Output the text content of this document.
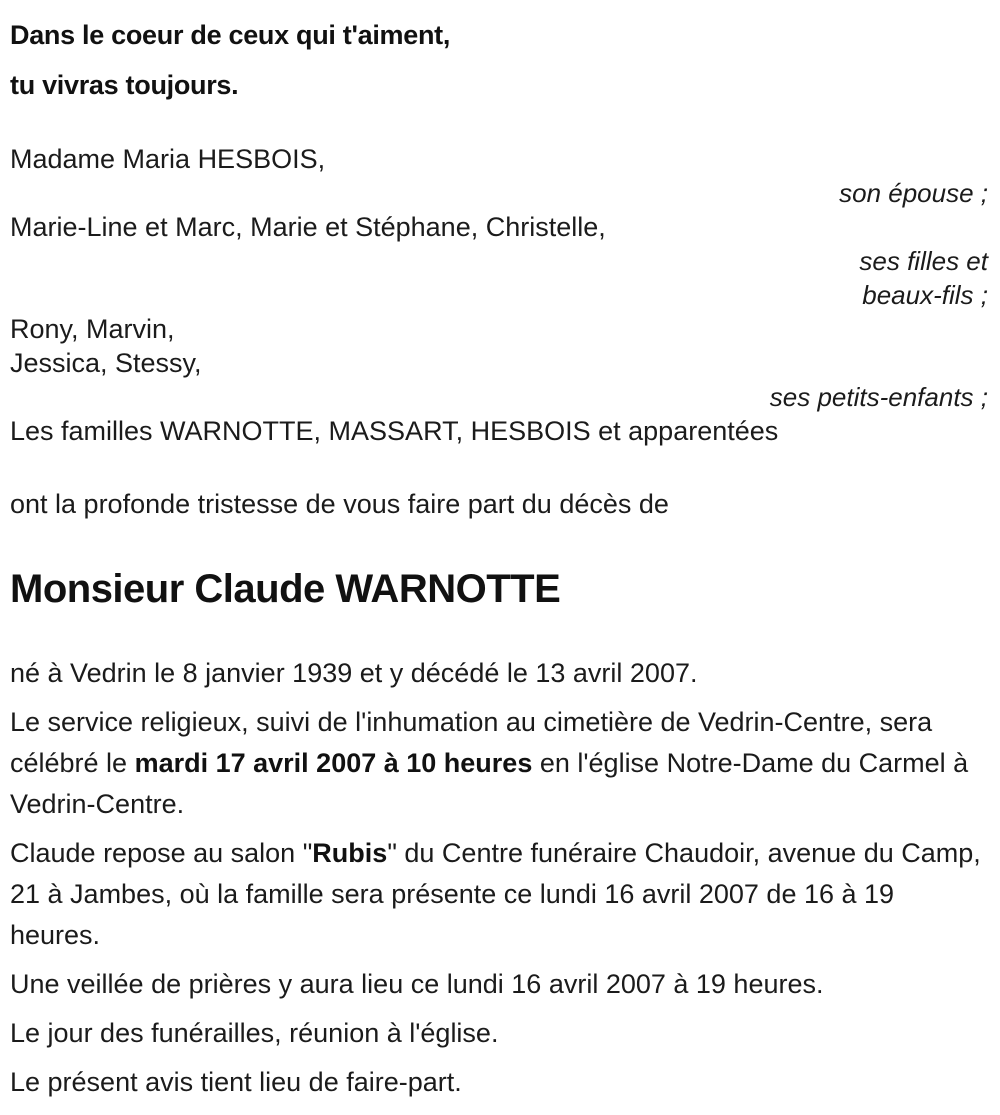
Dans le coeur de ceux qui t'aiment,
tu vivras toujours.
Madame Maria HESBOIS,
son épouse ;
Marie-Line et Marc, Marie et Stéphane, Christelle,
ses filles et
beaux-fils ;
Rony, Marvin,
Jessica, Stessy,
ses petits-enfants ;
Les familles WARNOTTE, MASSART, HESBOIS et apparentées
ont la profonde tristesse de vous faire part du décès de
Monsieur Claude WARNOTTE

né à Vedrin le 8 janvier 1939 et y décédé le 13 avril 2007.

Le service religieux, suivi de l'inhumation au cimetière de Vedrin-Centre, sera célébré le mardi 17 avril 2007 à 10 heures en l'église Notre-Dame du Carmel à Vedrin-Centre.

Claude repose au salon "Rubis" du Centre funéraire Chaudoir, avenue du Camp, 21 à Jambes, où la famille sera présente ce lundi 16 avril 2007 de 16 à 19 heures.

Une veillée de prières y aura lieu ce lundi 16 avril 2007 à 19 heures.

Le jour des funérailles, réunion à l'église.

Le présent avis tient lieu de faire-part.
